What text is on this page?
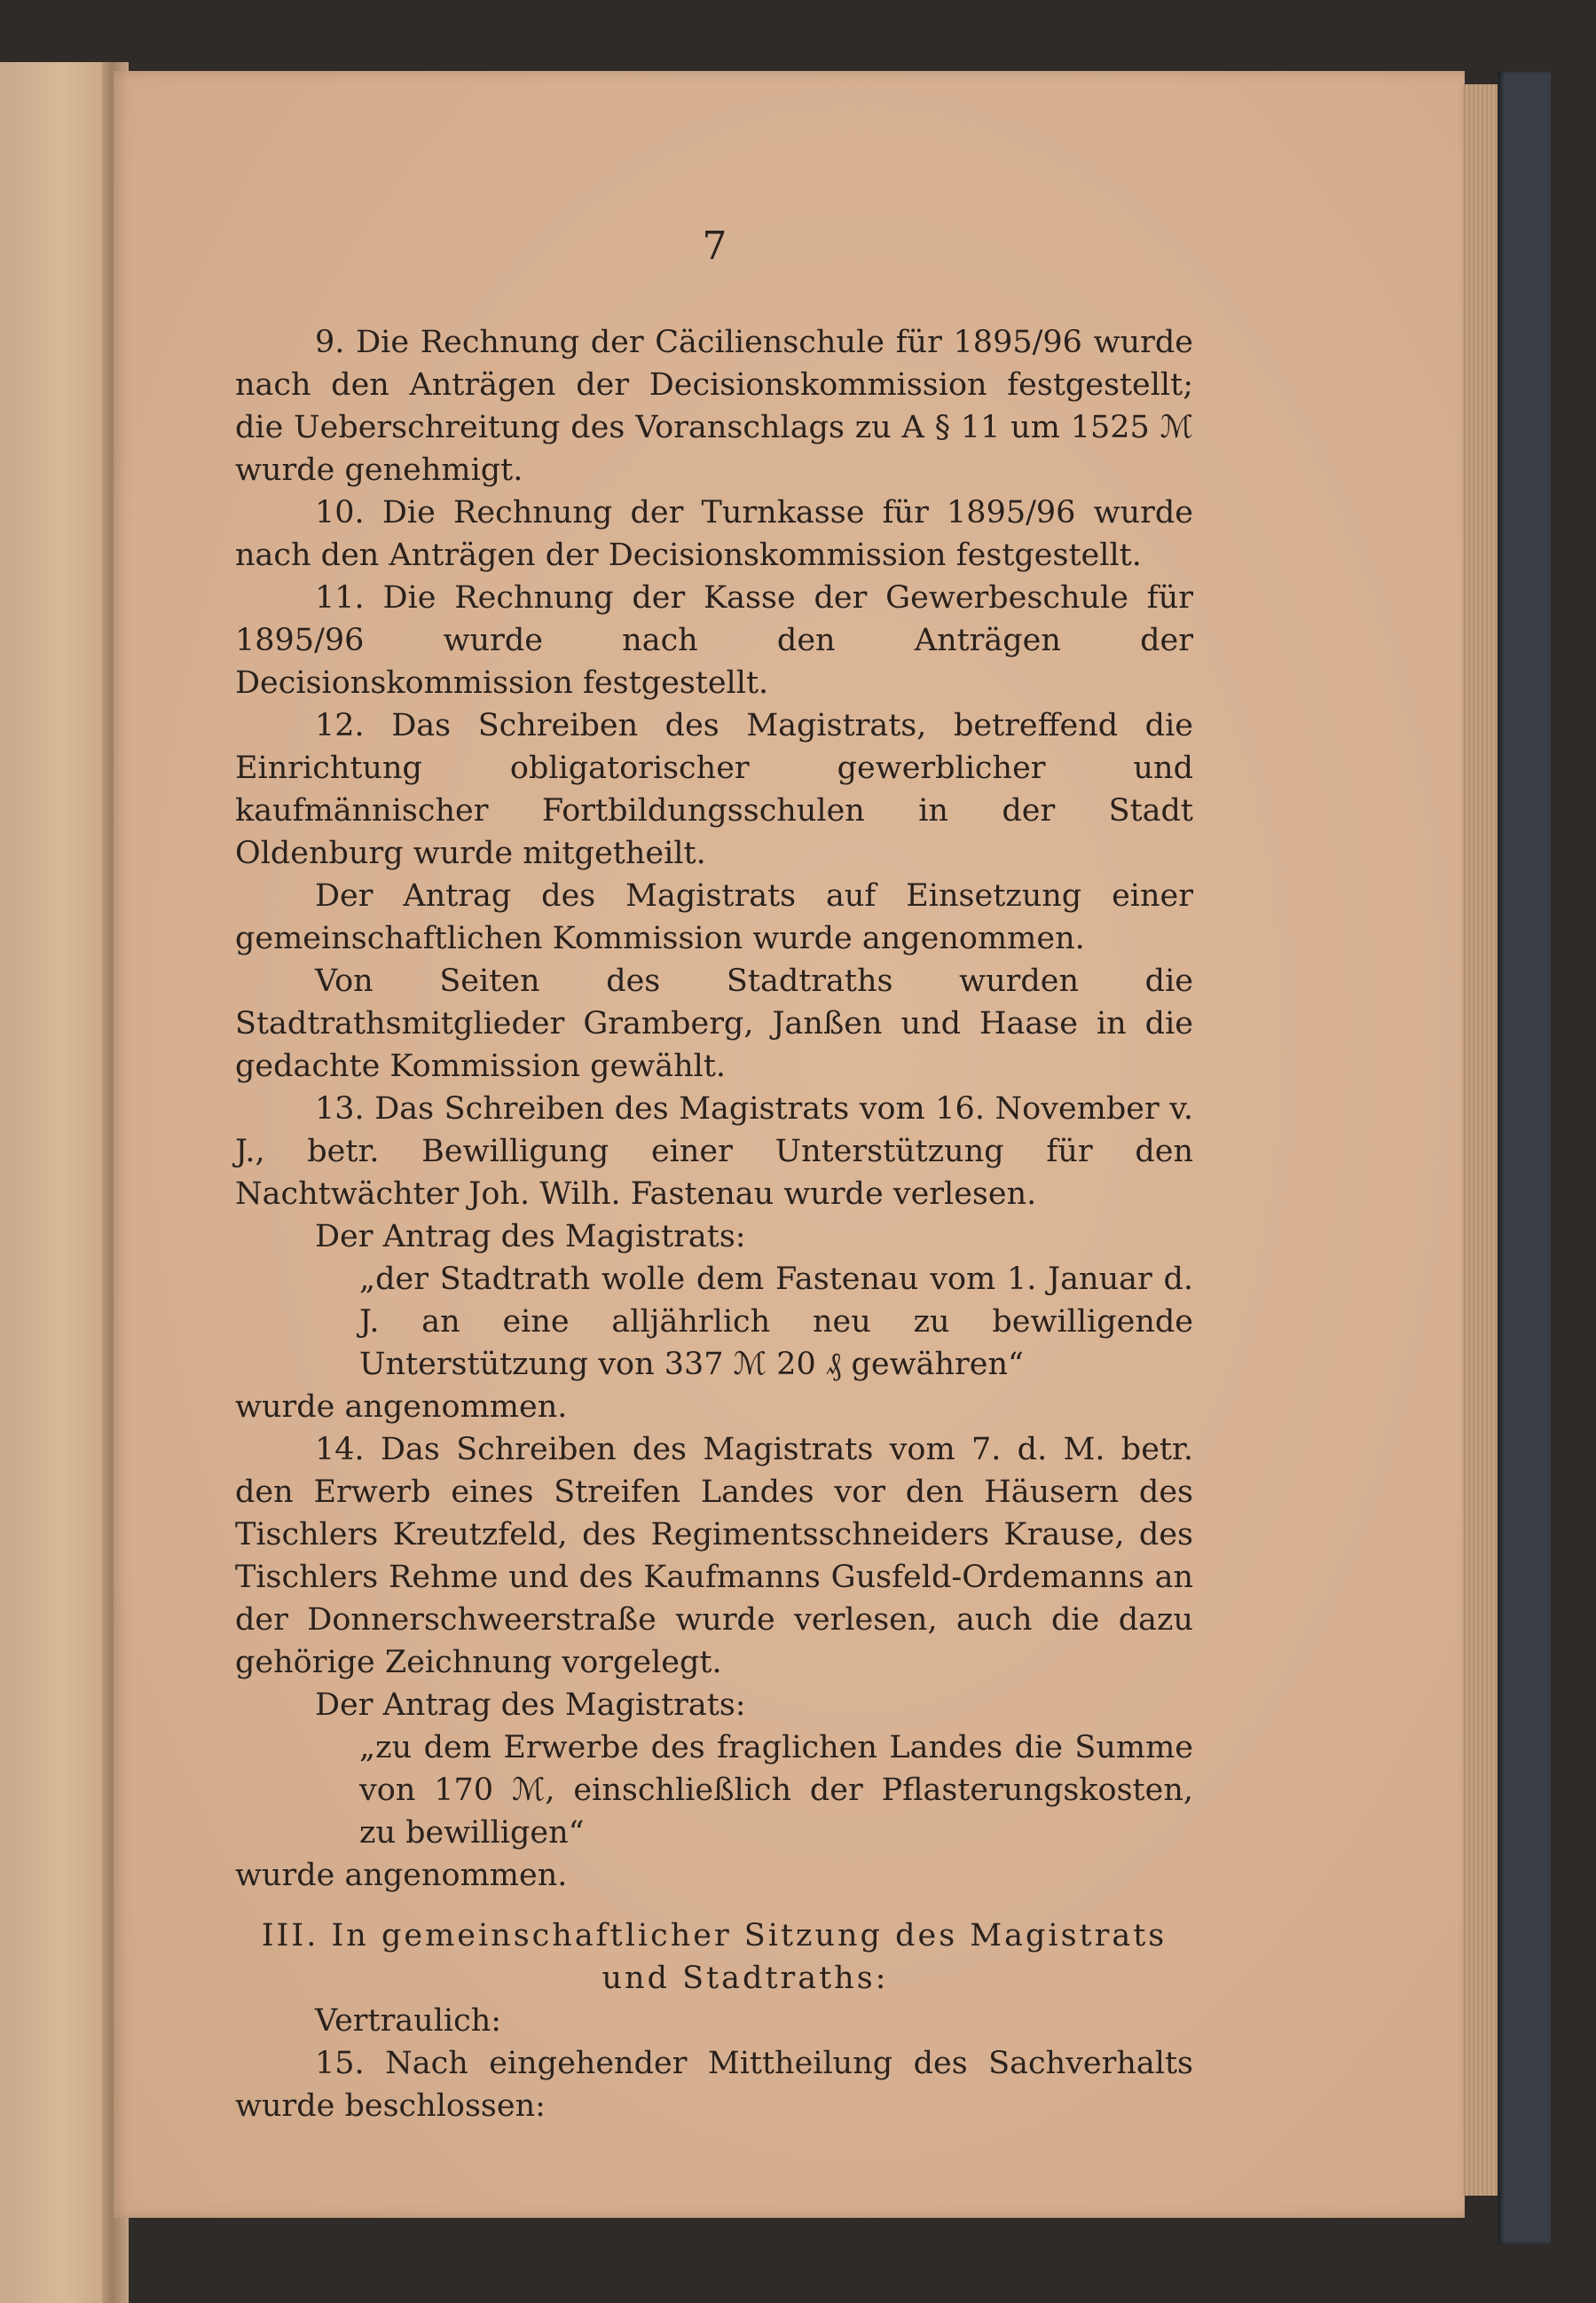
7

9. Die Rechnung der Cäcilienschule für 1895/96 wurde nach den Anträgen der Decisionskommission festgestellt; die Ueberschreitung des Voranschlags zu A § 11 um 1525 ℳ wurde genehmigt.

10. Die Rechnung der Turnkasse für 1895/96 wurde nach den Anträgen der Decisionskommission festgestellt.

11. Die Rechnung der Kasse der Gewerbeschule für 1895/96 wurde nach den Anträgen der Decisionskommission festgestellt.

12. Das Schreiben des Magistrats, betreffend die Einrichtung obligatorischer gewerblicher und kaufmännischer Fortbildungsschulen in der Stadt Oldenburg wurde mitgetheilt.

Der Antrag des Magistrats auf Einsetzung einer gemeinschaftlichen Kommission wurde angenommen.

Von Seiten des Stadtraths wurden die Stadtrathsmitglieder Gramberg, Janßen und Haase in die gedachte Kommission gewählt.

13. Das Schreiben des Magistrats vom 16. November v. J., betr. Bewilligung einer Unterstützung für den Nachtwächter Joh. Wilh. Fastenau wurde verlesen.

Der Antrag des Magistrats:

„der Stadtrath wolle dem Fastenau vom 1. Januar d. J. an eine alljährlich neu zu bewilligende Unterstützung von 337 ℳ 20 ₰ gewähren“

wurde angenommen.

14. Das Schreiben des Magistrats vom 7. d. M. betr. den Erwerb eines Streifen Landes vor den Häusern des Tischlers Kreutzfeld, des Regimentsschneiders Krause, des Tischlers Rehme und des Kaufmanns Gusfeld-Ordemanns an der Donnerschweerstraße wurde verlesen, auch die dazu gehörige Zeichnung vorgelegt.

Der Antrag des Magistrats:

„zu dem Erwerbe des fraglichen Landes die Summe von 170 ℳ, einschließlich der Pflasterungskosten, zu bewilligen“

wurde angenommen.

III. In gemeinschaftlicher Sitzung des Magistrats

und Stadtraths:

Vertraulich:

15. Nach eingehender Mittheilung des Sachverhalts wurde beschlossen:
